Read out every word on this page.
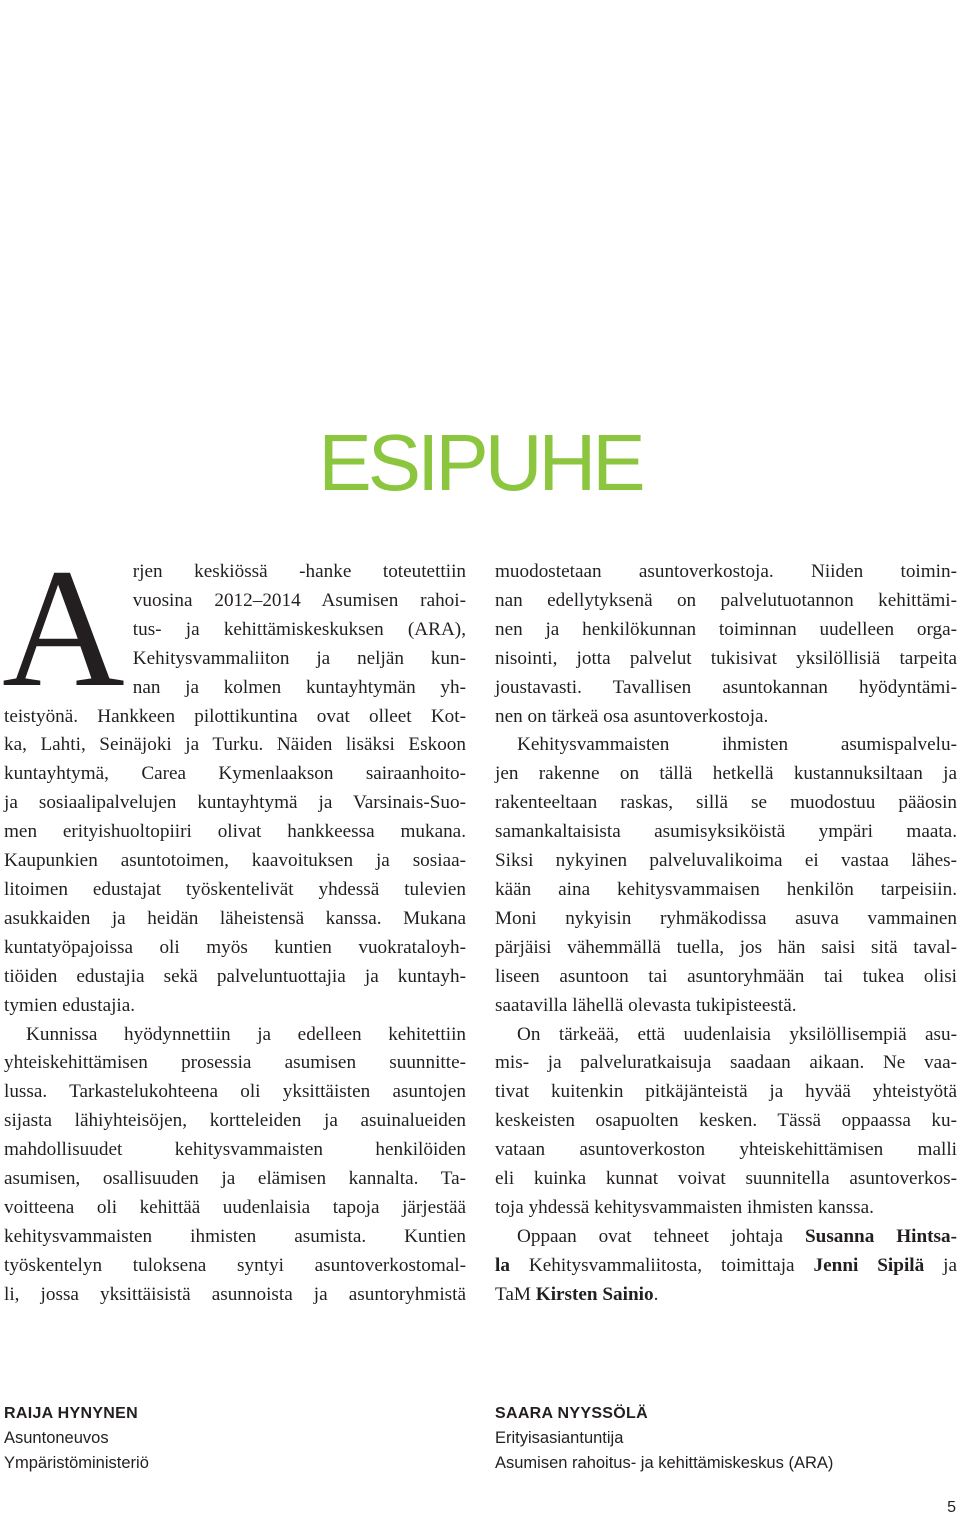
ESIPUHE
A rjen keskiössä -hanke toteutettiin
vuosina 2012–2014 Asumisen rahoi-
tus- ja kehittämiskeskuksen (ARA),
Kehitysvammaliiton ja neljän kun-
nan ja kolmen kuntayhtymän yh-
teistyönä. Hankkeen pilottikuntina ovat olleet Kot-
ka, Lahti, Seinäjoki ja Turku. Näiden lisäksi Eskoon
kuntayhtymä, Carea Kymenlaakson sairaanhoito-
ja sosiaalipalvelujen kuntayhtymä ja Varsinais-Suo-
men erityishuoltopiiri olivat hankkeessa mukana.
Kaupunkien asuntotoimen, kaavoituksen ja sosiaa-
litoimen edustajat työskentelivät yhdessä tulevien
asukkaiden ja heidän läheistensä kanssa. Mukana
kuntatyöpajoissa oli myös kuntien vuokrataloyh-
tiöiden edustajia sekä palveluntuottajia ja kuntayh-
tymien edustajia.

Kunnissa hyödynnettiin ja edelleen kehitettiin
yhteiskehittämisen prosessia asumisen suunnitte-
lussa. Tarkastelukohteena oli yksittäisten asuntojen
sijasta lähiyhteisöjen, kortteleiden ja asuinalueiden
mahdollisuudet kehitysvammaisten henkilöiden
asumisen, osallisuuden ja elämisen kannalta. Ta-
voitteena oli kehittää uudenlaisia tapoja järjestää
kehitysvammaisten ihmisten asumista. Kuntien
työskentelyn tuloksena syntyi asuntoverkostomal-
li, jossa yksittäisistä asunnoista ja asuntoryhmistä

muodostetaan asuntoverkostoja. Niiden toimin-
nan edellytyksenä on palvelutuotannon kehittämi-
nen ja henkilökunnan toiminnan uudelleen orga-
nisointi, jotta palvelut tukisivat yksilöllisiä tarpeita
joustavasti. Tavallisen asuntokannan hyödyntämi-
nen on tärkeä osa asuntoverkostoja.

Kehitysvammaisten ihmisten asumispalvelu-
jen rakenne on tällä hetkellä kustannuksiltaan ja
rakenteeltaan raskas, sillä se muodostuu pääosin
samankaltaisista asumisyksiköistä ympäri maata.
Siksi nykyinen palveluvalikoima ei vastaa lähes-
kään aina kehitysvammaisen henkilön tarpeisiin.
Moni nykyisin ryhmäkodissa asuva vammainen
pärjäisi vähemmällä tuella, jos hän saisi sitä taval-
liseen asuntoon tai asuntoryhmään tai tukea olisi
saatavilla lähellä olevasta tukipisteestä.

On tärkeää, että uudenlaisia yksilöllisempiä asu-
mis- ja palveluratkaisuja saadaan aikaan. Ne vaa-
tivat kuitenkin pitkäjänteistä ja hyvää yhteistyötä
keskeisten osapuolten kesken. Tässä oppaassa ku-
vataan asuntoverkoston yhteiskehittämisen malli
eli kuinka kunnat voivat suunnitella asuntoverkos-
toja yhdessä kehitysvammaisten ihmisten kanssa.

Oppaan ovat tehneet johtaja Susanna Hintsa-
la Kehitysvammaliitosta, toimittaja Jenni Sipilä ja
TaM Kirsten Sainio.

RAIJA HYNYNEN
Asuntoneuvos
Ympäristöministeriö
SAARA NYYSSÖLÄ
Erityisasiantuntija
Asumisen rahoitus- ja kehittämiskeskus (ARA)
5
